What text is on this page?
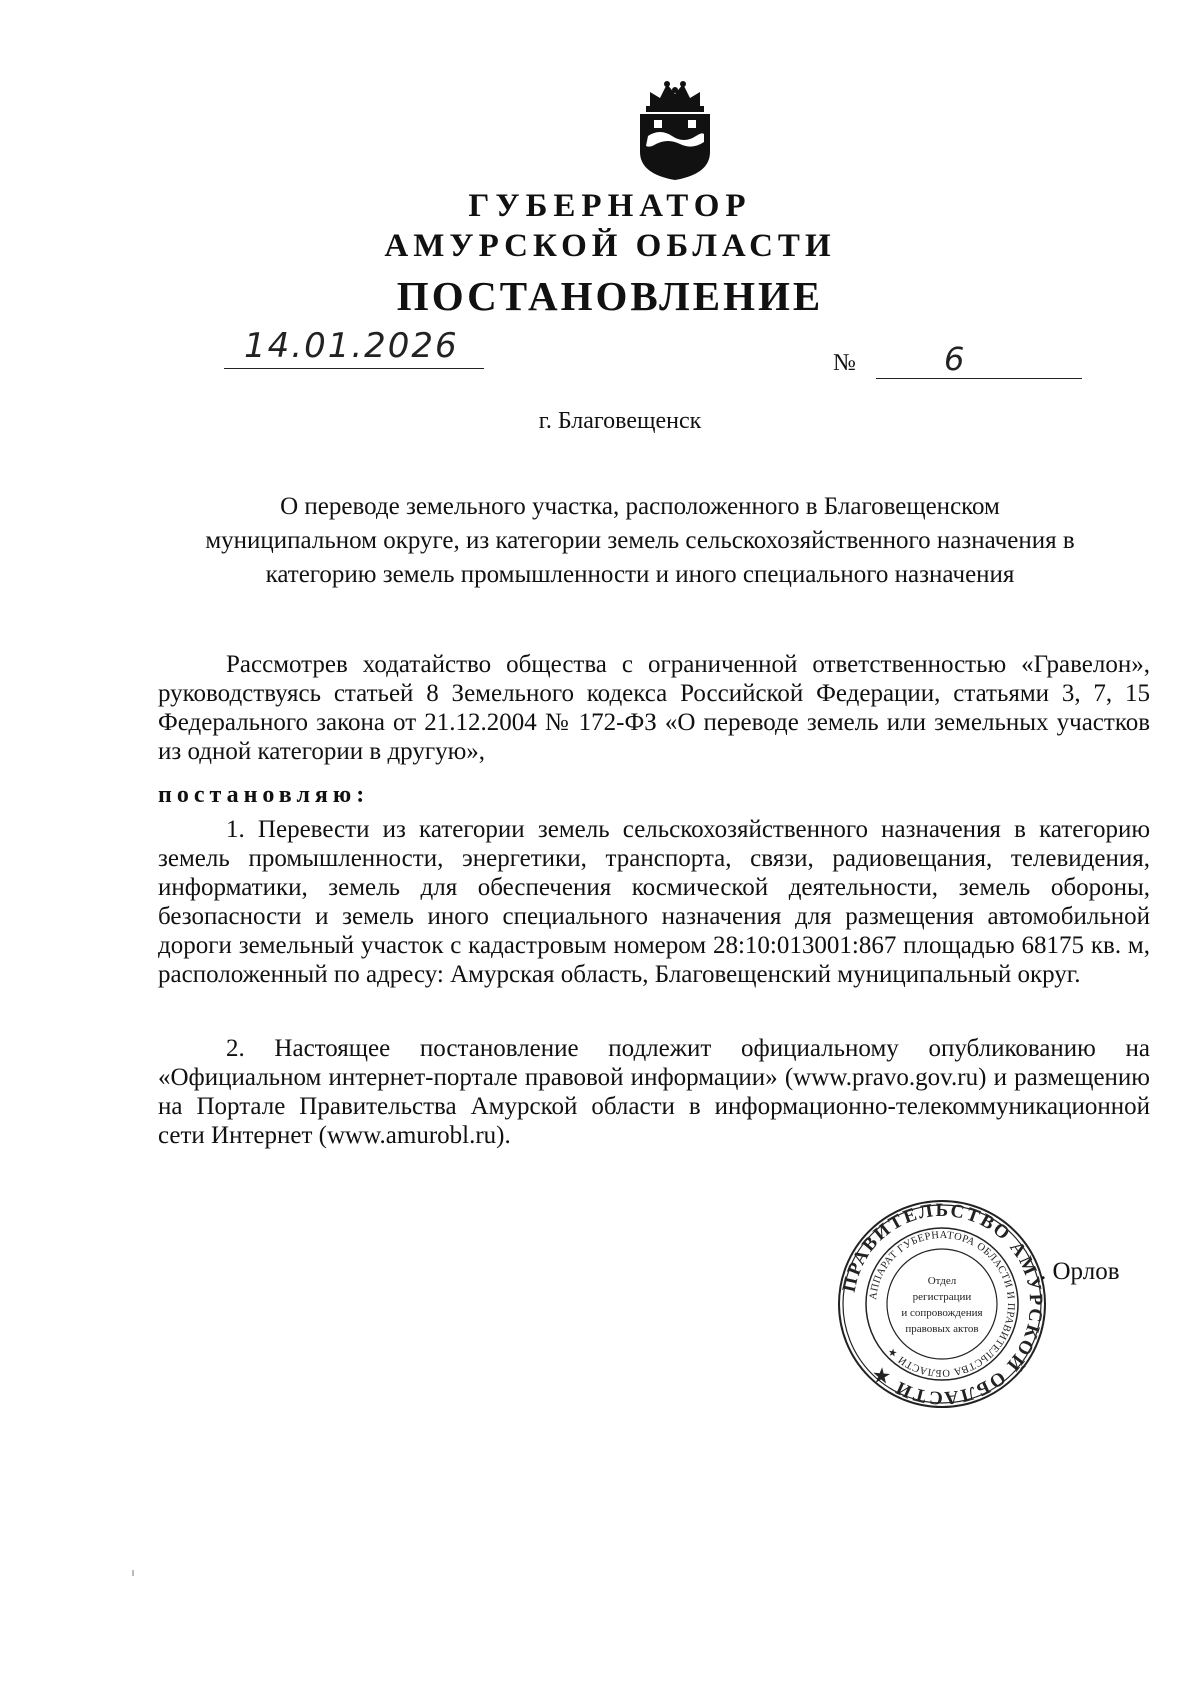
ГУБЕРНАТОР
АМУРСКОЙ ОБЛАСТИ
ПОСТАНОВЛЕНИЕ
14.01.2026	№	6
г. Благовещенск
О переводе земельного участка, расположенного в Благовещенском
муниципальном округе, из категории земель сельскохозяйственного назначения в
категорию земель промышленности и иного специального назначения

Рассмотрев ходатайство общества с ограниченной ответственностью «Гравелон», руководствуясь статьей 8 Земельного кодекса Российской Федерации, статьями 3, 7, 15 Федерального закона от 21.12.2004 № 172-ФЗ «О переводе земель или земельных участков из одной категории в другую»,

постановляю:

1. Перевести из категории земель сельскохозяйственного назначения в категорию земель промышленности, энергетики, транспорта, связи, радиовещания, телевидения, информатики, земель для обеспечения космической деятельности, земель обороны, безопасности и земель иного специального назначения для размещения автомобильной дороги земельный участок с кадастровым номером 28:10:013001:867 площадью 68175 кв. м, расположенный по адресу: Амурская область, Благовещенский муниципальный округ.

2. Настоящее постановление подлежит официальному опубликованию на «Официальном интернет-портале правовой информации» (www.pravo.gov.ru) и размещению на Портале Правительства Амурской области в информационно-телекоммуникационной сети Интернет (www.amurobl.ru).

ПРАВИТЕЛЬСТВО АМУРСКОЙ ОБЛАСТИ ★
АППАРАТ ГУБЕРНАТОРА ОБЛАСТИ И ПРАВИТЕЛЬСТВА ОБЛАСТИ ★
Отдел
регистрации
и сопровождения
правовых актов
. Орлов
